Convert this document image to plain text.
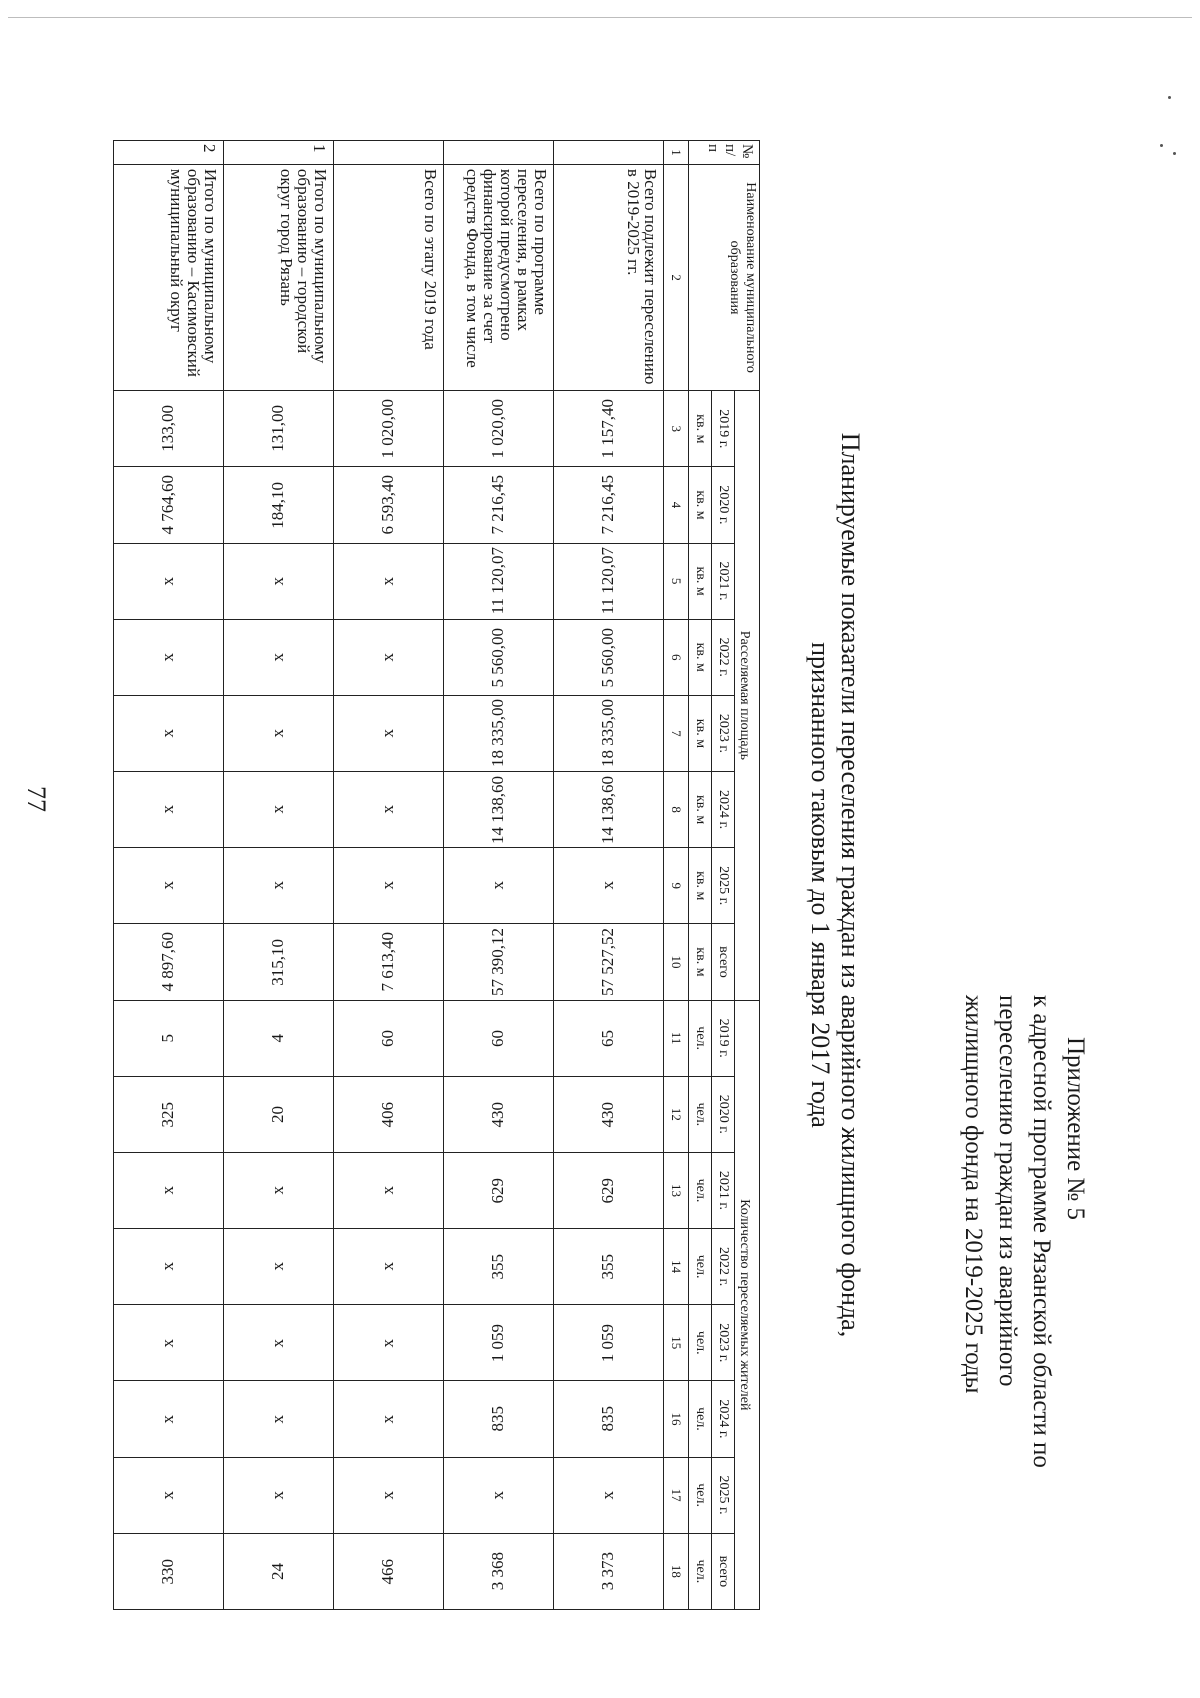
77
Приложение № 5
к адресной программе Рязанской области по
переселению граждан из аварийного
жилищного фонда на 2019-2025 годы
Планируемые показатели переселения граждан из аварийного жилищного фонда,
признанного таковым до 1 января 2017 года
№ п/п	Наименование муниципального образования	Расселяемая площадь								Количество переселяемых жителей							
		2019 г.	2020 г.	2021 г.	2022 г.	2023 г.	2024 г.	2025 г.	всего	2019 г.	2020 г.	2021 г.	2022 г.	2023 г.	2024 г.	2025 г.	всего
		кв. м	кв. м	кв. м	кв. м	кв. м	кв. м	кв. м	кв. м	чел.	чел.	чел.	чел.	чел.	чел.	чел.	чел.
1	2	3	4	5	6	7	8	9	10	11	12	13	14	15	16	17	18
	Всего подлежит переселению в 2019-2025 гг.	1 157,40	7 216,45	11 120,07	5 560,00	18 335,00	14 138,60	x	57 527,52	65	430	629	355	1 059	835	x	3 373
	Всего по программе переселения, в рамках которой предусмотрено финансирование за счет средств Фонда, в том числе	1 020,00	7 216,45	11 120,07	5 560,00	18 335,00	14 138,60	x	57 390,12	60	430	629	355	1 059	835	x	3 368
	Всего по этапу 2019 года	1 020,00	6 593,40	x	x	x	x	x	7 613,40	60	406	x	x	x	x	x	466
1	Итого по муниципальному образованию – городской округ город Рязань	131,00	184,10	x	x	x	x	x	315,10	4	20	x	x	x	x	x	24
2	Итого по муниципальному образованию – Касимовский муниципальный округ	133,00	4 764,60	x	x	x	x	x	4 897,60	5	325	x	x	x	x	x	330
